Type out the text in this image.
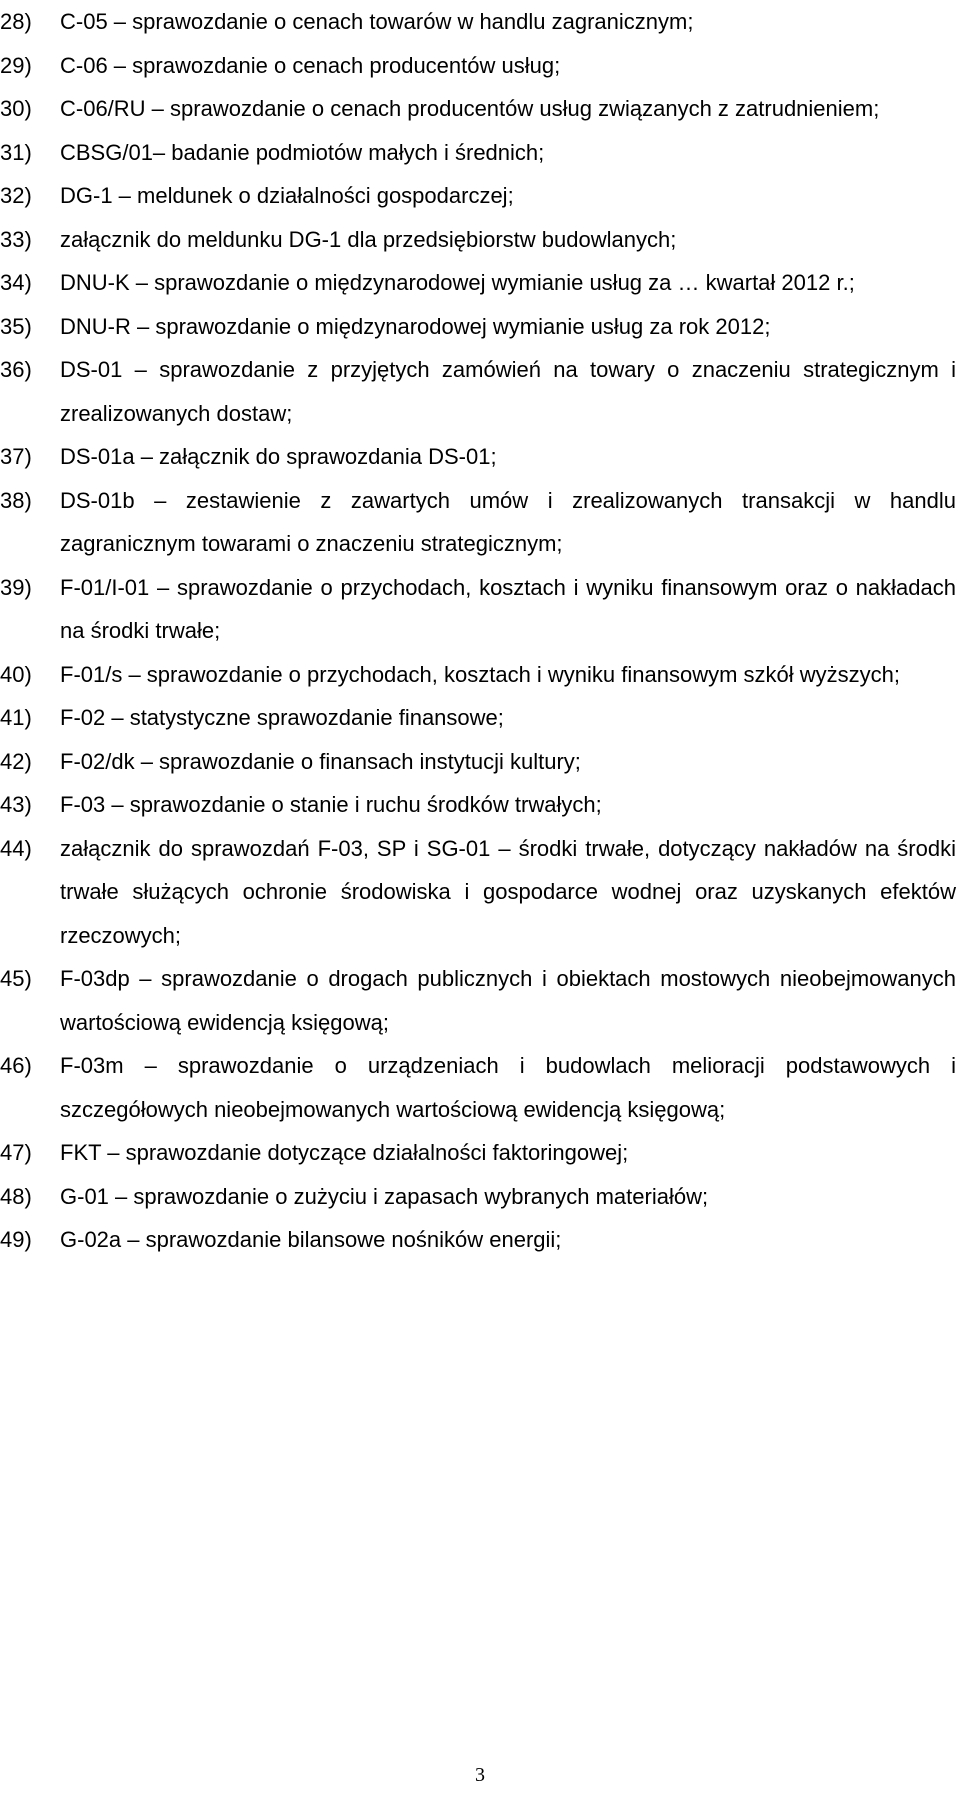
28)	C-05 – sprawozdanie o cenach towarów w handlu zagranicznym;
29)	C-06 – sprawozdanie o cenach producentów usług;
30)	C-06/RU – sprawozdanie o cenach producentów usług związanych z zatrudnieniem;
31)	CBSG/01– badanie podmiotów małych i średnich;
32)	DG-1 – meldunek o działalności gospodarczej;
33)	załącznik do meldunku DG-1 dla przedsiębiorstw budowlanych;
34)	DNU-K – sprawozdanie o międzynarodowej wymianie usług za … kwartał 2012 r.;
35)	DNU-R – sprawozdanie o międzynarodowej wymianie usług za rok 2012;
36)	DS-01 – sprawozdanie z przyjętych zamówień na towary o znaczeniu strategicznym i zrealizowanych dostaw;
37)	DS-01a – załącznik do sprawozdania DS-01;
38)	DS-01b – zestawienie z zawartych umów i zrealizowanych transakcji w handlu zagranicznym towarami o znaczeniu strategicznym;
39)	F-01/I-01 – sprawozdanie o przychodach, kosztach i wyniku finansowym oraz o nakładach na środki trwałe;
40)	F-01/s – sprawozdanie o przychodach, kosztach i wyniku finansowym szkół wyższych;
41)	F-02 – statystyczne sprawozdanie finansowe;
42)	F-02/dk – sprawozdanie o finansach instytucji kultury;
43)	F-03 – sprawozdanie o stanie i ruchu środków trwałych;
44)	załącznik do sprawozdań F-03, SP i SG-01 – środki trwałe, dotyczący nakładów na środki trwałe służących ochronie środowiska i gospodarce wodnej oraz uzyskanych efektów rzeczowych;
45)	F-03dp – sprawozdanie o drogach publicznych i obiektach mostowych nieobejmowanych wartościową ewidencją księgową;
46)	F-03m – sprawozdanie o urządzeniach i budowlach melioracji podstawowych i szczegółowych nieobejmowanych wartościową ewidencją księgową;
47)	FKT – sprawozdanie dotyczące działalności faktoringowej;
48)	G-01 – sprawozdanie o zużyciu i zapasach wybranych materiałów;
49)	G-02a – sprawozdanie bilansowe nośników energii;
3
